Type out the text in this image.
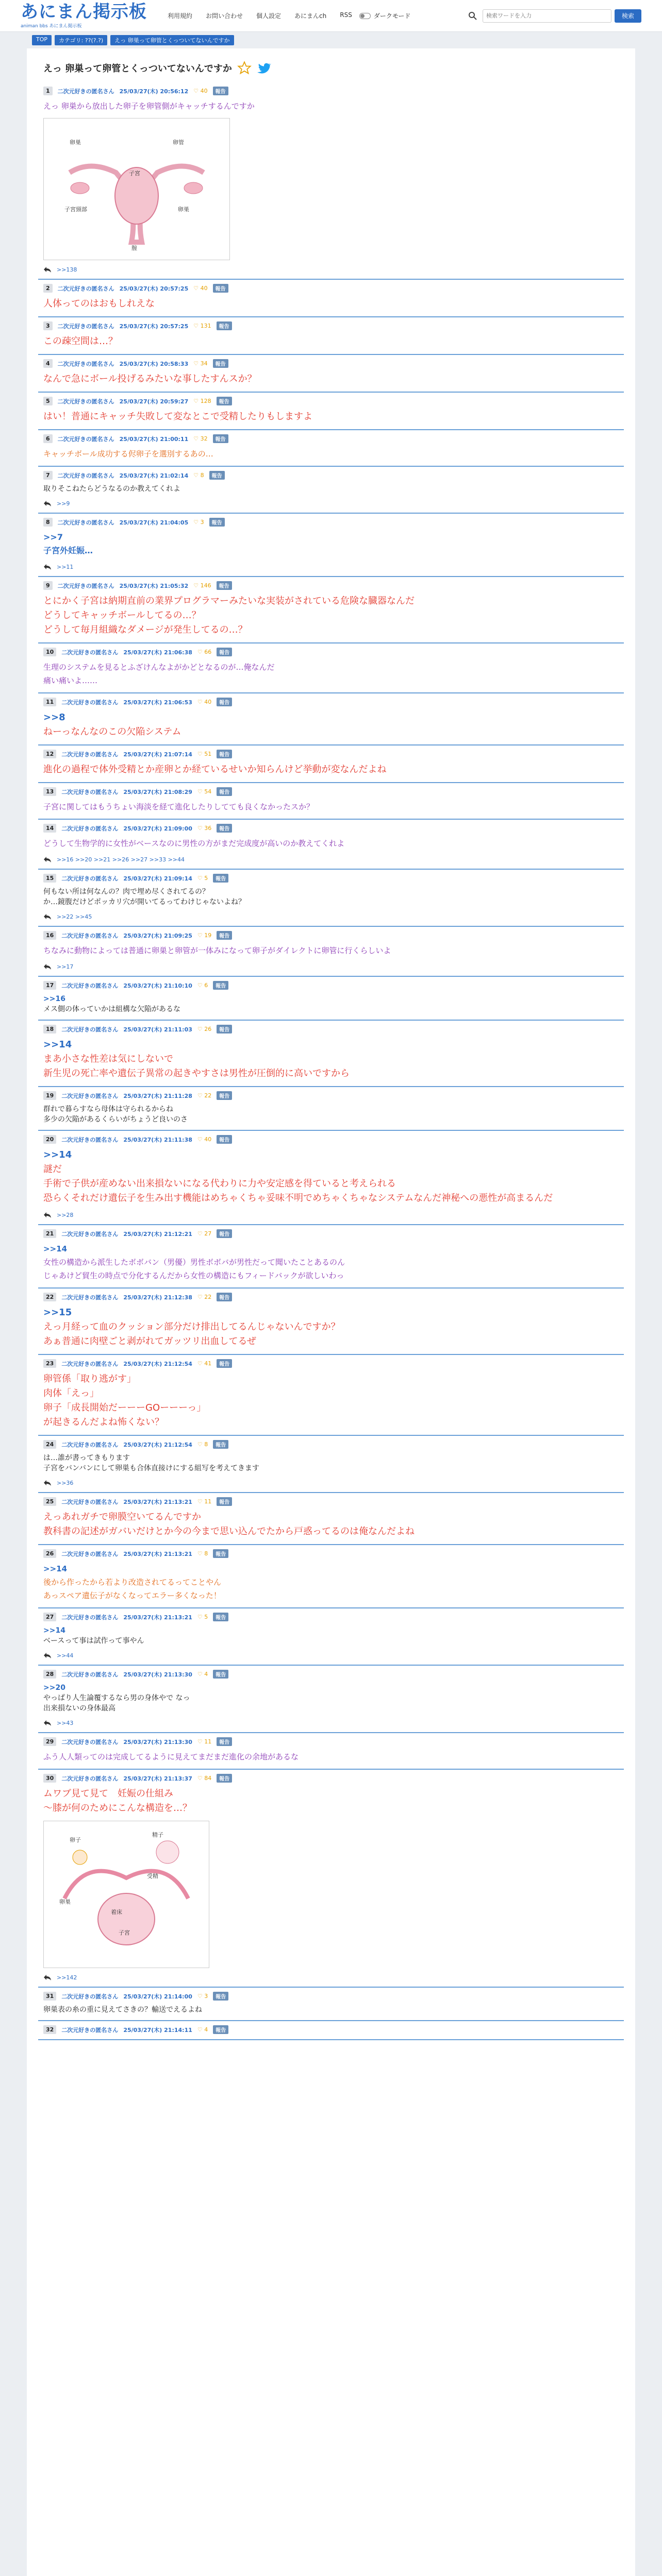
あにまん掲示板
animan bbs あにまん掲示板
利用規約 お問い合わせ 個人設定 あにまんch RSS	ダークモード
検索ワードを入力	検索
TOP	カテゴリ: ??(?.?)	えっ 卵巣って卵管とくっついてないんですか
えっ 卵巣って卵管とくっついてないんですか
1	二次元好きの匿名さん 25/03/27(木) 20:56:12 ♡ 40	報告
えっ 卵巣から放出した卵子を卵管側がキャッチするんですか
卵巣	卵管
子宮
子宮頸部	卵巣
膣
>>138
2	二次元好きの匿名さん 25/03/27(木) 20:57:25 ♡ 40	報告
人体ってのはおもしれえな
3	二次元好きの匿名さん 25/03/27(木) 20:57:25 ♡ 131	報告
この疎空間は…？
4	二次元好きの匿名さん 25/03/27(木) 20:58:33 ♡ 34	報告
なんで急にボール投げるみたいな事したすんスか？
5	二次元好きの匿名さん 25/03/27(木) 20:59:27 ♡ 128	報告
はい！普通にキャッチ失敗して変なとこで受精したりもしますよ
6	二次元好きの匿名さん 25/03/27(木) 21:00:11 ♡ 32	報告
キャッチボール成功する侭卵子を選別するあの…
7	二次元好きの匿名さん 25/03/27(木) 21:02:14 ♡ 8	報告
取りそこねたらどうなるのか教えてくれよ
>>9
8	二次元好きの匿名さん 25/03/27(木) 21:04:05 ♡ 3	報告
>>7
子宮外妊娠…
>>11
9	二次元好きの匿名さん 25/03/27(木) 21:05:32 ♡ 146	報告
とにかく子宮は納期直前の業界プログラマーみたいな実装がされている危険な臓器なんだ
どうしてキャッチボールしてるの…？
どうして毎月組織なダメージが発生してるの…？
10	二次元好きの匿名さん 25/03/27(木) 21:06:38 ♡ 66	報告
生理のシステムを見るとふざけんなよがかどとなるのが…俺なんだ
痛い痛いよ……
11	二次元好きの匿名さん 25/03/27(木) 21:06:53 ♡ 40	報告
>>8
ねーっなんなのこの欠陥システム
12	二次元好きの匿名さん 25/03/27(木) 21:07:14 ♡ 51	報告
進化の過程で体外受精とか産卵とか経ているせいか知らんけど挙動が変なんだよね
13	二次元好きの匿名さん 25/03/27(木) 21:08:29 ♡ 54	報告
子宮に関してはもうちょい海淡を経て進化したりしてても良くなかったスか？
14	二次元好きの匿名さん 25/03/27(木) 21:09:00 ♡ 36	報告
どうして生物学的に女性がベースなのに男性の方がまだ完成度が高いのか教えてくれよ
>>16 >>20 >>21 >>26 >>27 >>33 >>44
15	二次元好きの匿名さん 25/03/27(木) 21:09:14 ♡ 5	報告
何もない所は何なんの？肉で埋め尽くされてるの？
か…鏡腹だけどポッカリ穴が開いてるってわけじゃないよね？
>>22 >>45
16	二次元好きの匿名さん 25/03/27(木) 21:09:25 ♡ 19	報告
ちなみに動物によっては普通に卵巣と卵管が一体みになって卵子がダイレクトに卵管に行くらしいよ
>>17
17	二次元好きの匿名さん 25/03/27(木) 21:10:10 ♡ 6	報告
>>16
メス側の体っていかは組構な欠陥があるな
18	二次元好きの匿名さん 25/03/27(木) 21:11:03 ♡ 26	報告
>>14
まあ小さな性差は気にしないで
新生児の死亡率や遺伝子異常の起きやすさは男性が圧倒的に高いですから
19	二次元好きの匿名さん 25/03/27(木) 21:11:28 ♡ 22	報告
群れで暮らすなら母体は守られるからね
多少の欠陥があるくらいがちょうど良いのさ
20	二次元好きの匿名さん 25/03/27(木) 21:11:38 ♡ 40	報告
>>14
謎だ
手術で子供が産めない出来損ないになる代わりに力や安定感を得ていると考えられる
恐らくそれだけ遺伝子を生み出す機能はめちゃくちゃ妥味不明でめちゃくちゃなシステムなんだ神秘への悪性が高まるんだ
>>28
21	二次元好きの匿名さん 25/03/27(木) 21:12:21 ♡ 27	報告
>>14
女性の構造から派生したボボバン（男優）男性ボボバが男性だって聞いたことあるのん
じゃあけど貿生の時点で分化するんだから女性の構造にもフィードバックが欲しいわっ
22	二次元好きの匿名さん 25/03/27(木) 21:12:38 ♡ 22	報告
>>15
えっ月経って血のクッション部分だけ排出してるんじゃないんですか？
あぁ普通に肉壁ごと剥がれてガッツリ出血してるぜ
23	二次元好きの匿名さん 25/03/27(木) 21:12:54 ♡ 41	報告
卵管係「取り逃がす」
肉体「えっ」
卵子「成長開始だーーーGOーーーっ」
が起きるんだよね怖くない？
24	二次元好きの匿名さん 25/03/27(木) 21:12:54 ♡ 8	報告
は…誰が書ってきもります
子宮をバンバンにして卵巣も合体直接けにする組写を考えてきます
>>36
25	二次元好きの匿名さん 25/03/27(木) 21:13:21 ♡ 11	報告
えっあれガチで卵膜空いてるんですか
教科書の記述がガバいだけとか今の今まで思い込んでたから戸惑ってるのは俺なんだよね
26	二次元好きの匿名さん 25/03/27(木) 21:13:21 ♡ 8	報告
>>14
後から作ったから若より改造されてるってことやん
あっスペア遺伝子がなくなってエラー多くなった！
27	二次元好きの匿名さん 25/03/27(木) 21:13:21 ♡ 5	報告
>>14
ベースって事は試作って事やん
>>44
28	二次元好きの匿名さん 25/03/27(木) 21:13:30 ♡ 4	報告
>>20
やっぱり人生論覆するなら男の身体やで なっ
出来損ないの身体最高
>>43
29	二次元好きの匿名さん 25/03/27(木) 21:13:30 ♡ 11	報告
ふう人人類ってのは完成してるように見えてまだまだ進化の余地があるな
30	二次元好きの匿名さん 25/03/27(木) 21:13:37 ♡ 84	報告
ムワブ見て見て　妊娠の仕組み
～膝が何のためにこんな構造を…？
卵子
精子
受精
着床
子宮
卵巣
>>142
31	二次元好きの匿名さん 25/03/27(木) 21:14:00 ♡ 3	報告
卵巣表の糸の重に見えてさきの？輸送でえるよね
32	二次元好きの匿名さん 25/03/27(木) 21:14:11 ♡ 4	報告
